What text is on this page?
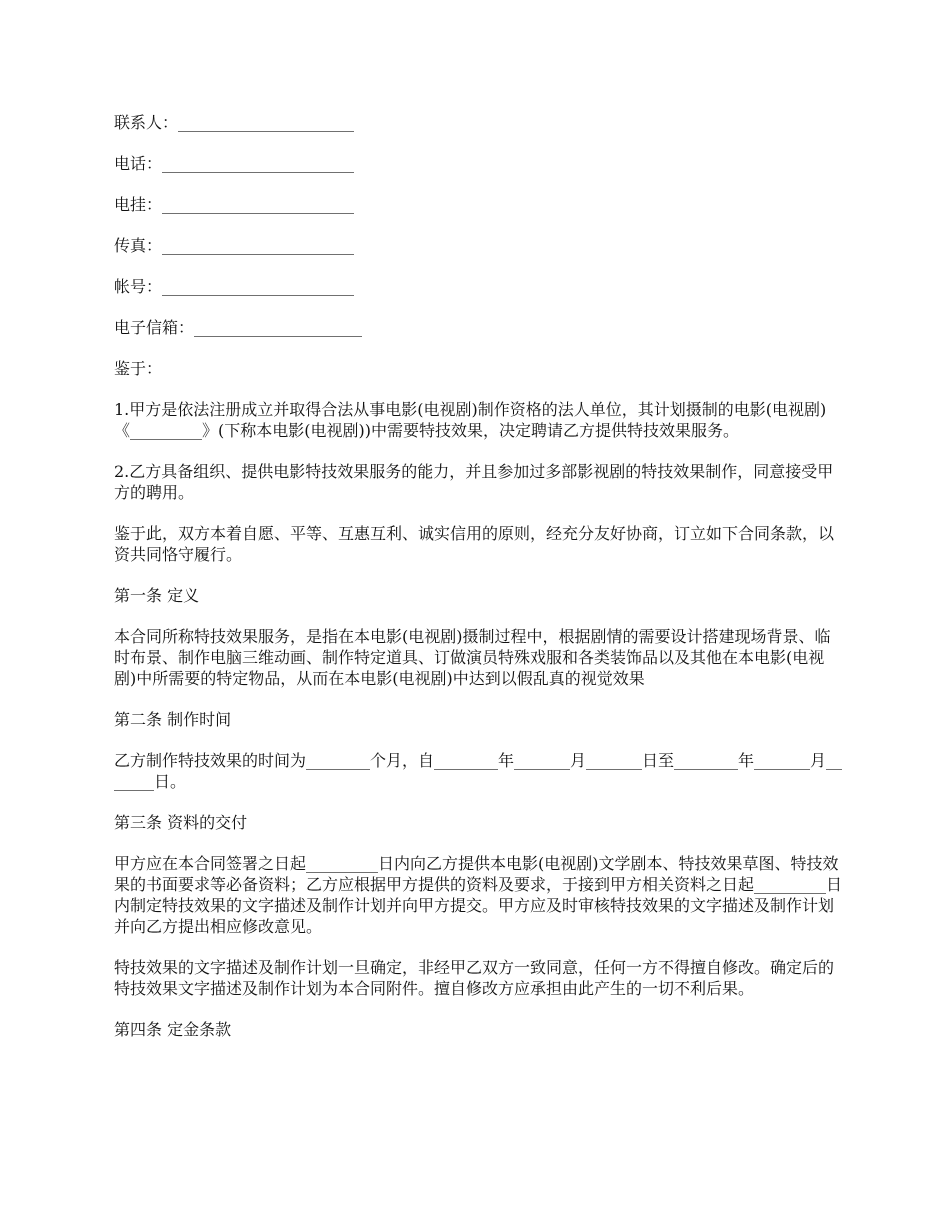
联系人：______________________

电话：________________________

电挂：________________________

传真：________________________

帐号：________________________

电子信箱：_____________________

鉴于：

1.甲方是依法注册成立并取得合法从事电影(电视剧)制作资格的法人单位，其计划摄制的电影(电视剧)《_________》(下称本电影(电视剧))中需要特技效果，决定聘请乙方提供特技效果服务。

2.乙方具备组织、提供电影特技效果服务的能力，并且参加过多部影视剧的特技效果制作，同意接受甲方的聘用。

鉴于此，双方本着自愿、平等、互惠互利、诚实信用的原则，经充分友好协商，订立如下合同条款，以资共同恪守履行。

第一条 定义

本合同所称特技效果服务，是指在本电影(电视剧)摄制过程中，根据剧情的需要设计搭建现场背景、临时布景、制作电脑三维动画、制作特定道具、订做演员特殊戏服和各类装饰品以及其他在本电影(电视剧)中所需要的特定物品，从而在本电影(电视剧)中达到以假乱真的视觉效果

第二条 制作时间

乙方制作特技效果的时间为________个月，自________年_______月_______日至________年_______月_______日。

第三条 资料的交付

甲方应在本合同签署之日起_________日内向乙方提供本电影(电视剧)文学剧本、特技效果草图、特技效果的书面要求等必备资料；乙方应根据甲方提供的资料及要求，于接到甲方相关资料之日起_________日内制定特技效果的文字描述及制作计划并向甲方提交。甲方应及时审核特技效果的文字描述及制作计划并向乙方提出相应修改意见。

特技效果的文字描述及制作计划一旦确定，非经甲乙双方一致同意，任何一方不得擅自修改。确定后的特技效果文字描述及制作计划为本合同附件。擅自修改方应承担由此产生的一切不利后果。

第四条 定金条款
